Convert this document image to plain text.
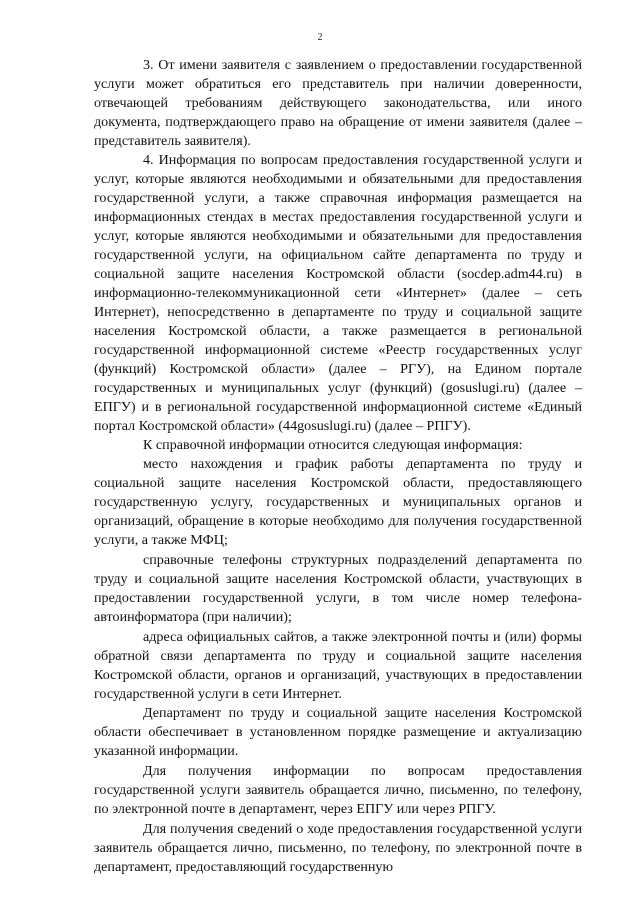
2

3. От имени заявителя с заявлением о предоставлении государственной услуги может обратиться его представитель при наличии доверенности, отвечающей требованиям действующего законодательства, или иного документа, подтверждающего право на обращение от имени заявителя (далее – представитель заявителя).

4. Информация по вопросам предоставления государственной услуги и услуг, которые являются необходимыми и обязательными для предоставления государственной услуги, а также справочная информация размещается на информационных стендах в местах предоставления государственной услуги и услуг, которые являются необходимыми и обязательными для предоставления государственной услуги, на официальном сайте департамента по труду и социальной защите населения Костромской области (socdep.adm44.ru) в информационно-телекоммуникационной сети «Интернет» (далее – сеть Интернет), непосредственно в департаменте по труду и социальной защите населения Костромской области, а также размещается в региональной государственной информационной системе «Реестр государственных услуг (функций) Костромской области» (далее – РГУ), на Едином портале государственных и муниципальных услуг (функций) (gosuslugi.ru) (далее – ЕПГУ) и в региональной государственной информационной системе «Единый портал Костромской области» (44gosuslugi.ru) (далее – РПГУ).

К справочной информации относится следующая информация:

место нахождения и график работы департамента по труду и социальной защите населения Костромской области, предоставляющего государственную услугу, государственных и муниципальных органов и организаций, обращение в которые необходимо для получения государственной услуги, а также МФЦ;

справочные телефоны структурных подразделений департамента по труду и социальной защите населения Костромской области, участвующих в предоставлении государственной услуги, в том числе номер телефона-автоинформатора (при наличии);

адреса официальных сайтов, а также электронной почты и (или) формы обратной связи департамента по труду и социальной защите населения Костромской области, органов и организаций, участвующих в предоставлении государственной услуги в сети Интернет.

Департамент по труду и социальной защите населения Костромской области обеспечивает в установленном порядке размещение и актуализацию указанной информации.

Для получения информации по вопросам предоставления государственной услуги заявитель обращается лично, письменно, по телефону, по электронной почте в департамент, через ЕПГУ или через РПГУ.

Для получения сведений о ходе предоставления государственной услуги заявитель обращается лично, письменно, по телефону, по электронной почте в департамент, предоставляющий государственную
